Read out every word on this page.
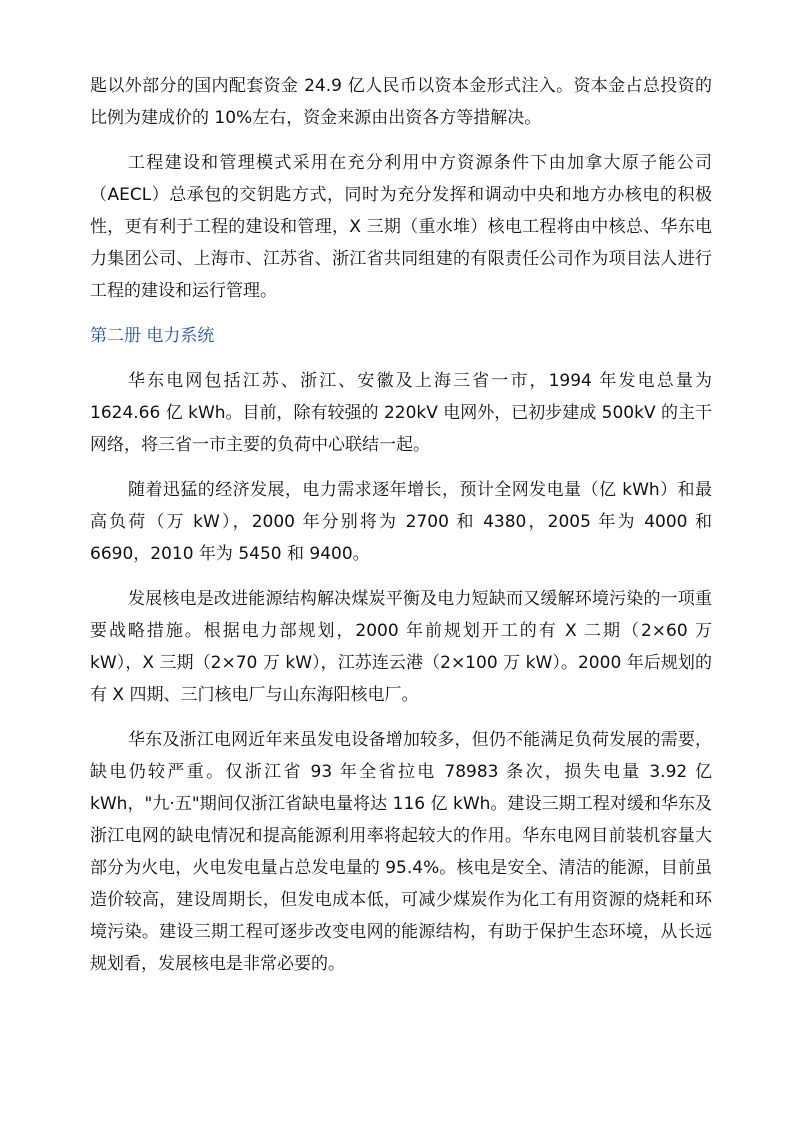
匙以外部分的国内配套资金 24.9 亿人民币以资本金形式注入。资本金占总投资的比例为建成价的 10%左右，资金来源由出资各方等措解决。

工程建设和管理模式采用在充分利用中方资源条件下由加拿大原子能公司（AECL）总承包的交钥匙方式，同时为充分发挥和调动中央和地方办核电的积极性，更有利于工程的建设和管理，X 三期（重水堆）核电工程将由中核总、华东电力集团公司、上海市、江苏省、浙江省共同组建的有限责任公司作为项目法人进行工程的建设和运行管理。

第二册 电力系统

华东电网包括江苏、浙江、安徽及上海三省一市，1994 年发电总量为 1624.66 亿 kWh。目前，除有较强的 220kV 电网外，已初步建成 500kV 的主干网络，将三省一市主要的负荷中心联结一起。

随着迅猛的经济发展，电力需求逐年增长，预计全网发电量（亿 kWh）和最高负荷（万 kW），2000 年分别将为 2700 和 4380，2005 年为 4000 和 6690，2010 年为 5450 和 9400。

发展核电是改进能源结构解决煤炭平衡及电力短缺而又缓解环境污染的一项重要战略措施。根据电力部规划，2000 年前规划开工的有 X 二期（2×60 万 kW），X 三期（2×70 万 kW），江苏连云港（2×100 万 kW）。2000 年后规划的有 X 四期、三门核电厂与山东海阳核电厂。

华东及浙江电网近年来虽发电设备增加较多，但仍不能满足负荷发展的需要，缺电仍较严重。仅浙江省 93 年全省拉电 78983 条次，损失电量 3.92 亿 kWh，"九·五"期间仅浙江省缺电量将达 116 亿 kWh。建设三期工程对缓和华东及浙江电网的缺电情况和提高能源利用率将起较大的作用。华东电网目前装机容量大部分为火电，火电发电量占总发电量的 95.4%。核电是安全、清洁的能源，目前虽造价较高，建设周期长，但发电成本低，可减少煤炭作为化工有用资源的烧耗和环境污染。建设三期工程可逐步改变电网的能源结构，有助于保护生态环境，从长远规划看，发展核电是非常必要的。
